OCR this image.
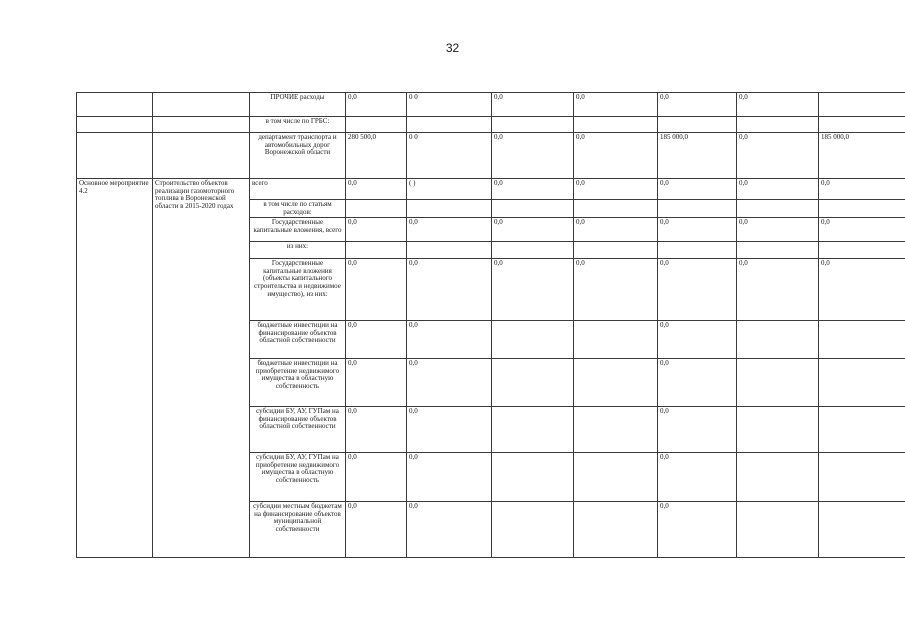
32
		ПРОЧИЕ расходы	0,0	0 0	0,0	0,0	0,0	0,0	
		в том числе по ГРБС:							
		департамент транспорта и автомобильных дорог Воронежской области	280 500,0	0 0	0,0	0,0	185 000,0	0,0	185 000,0
Основное мероприятие 4.2	Строительство объектов реализации газомоторного топлива в Воронежской области в 2015-2020 годах	всего	0,0	( )	0,0	0,0	0,0	0,0	0,0
		в том числе по статьям расходов:							
		Государственные капитальные вложения, всего	0,0	0,0	0,0	0,0	0,0	0,0	0,0
		из них:							
		Государственные капитальные вложения (объекты капитального строительства и недвижимое имущество), из них:	0,0	0,0	0,0	0,0	0,0	0,0	0,0
		бюджетные инвестиции на финансирование объектов областной собственности	0,0	0,0			0,0		
		бюджетные инвестиции на приобретение недвижимого имущества в областную собственность	0,0	0,0			0,0		
		субсидии БУ, АУ, ГУПам на финансирование объектов областной собственности	0,0	0,0			0,0		
		субсидии БУ, АУ, ГУПам на приобретение недвижимого имущества в областную собственность	0,0	0,0			0,0		
		субсидии местным бюджетам на финансирование объектов муниципальной собственности	0,0	0,0			0,0		
